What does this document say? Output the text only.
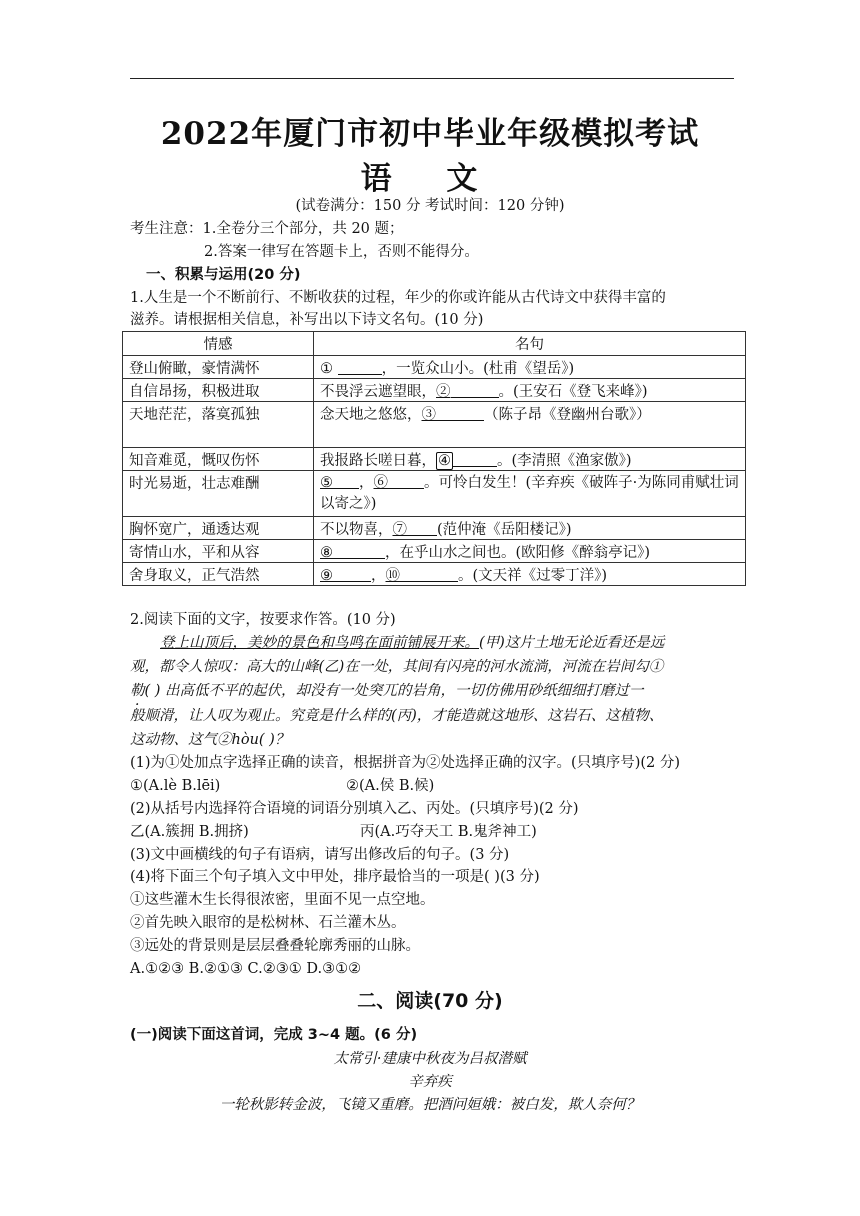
2022年厦门市初中毕业年级模拟考试
语 文
(试卷满分：150 分 考试时间：120 分钟)
考生注意：1.全卷分三个部分，共 20 题；
2.答案一律写在答题卡上，否则不能得分。
一、积累与运用(20 分)
1.人生是一个不断前行、不断收获的过程，年少的你或许能从古代诗文中获得丰富的
滋养。请根据相关信息，补写出以下诗文名句。(10 分)
情感	名句
登山俯瞰，豪情满怀	① ，一览众山小。(杜甫《望岳》)
自信昂扬，积极进取	不畏浮云遮望眼，② 。(王安石《登飞来峰》)
天地茫茫，落寞孤独	念天地之悠悠，③ （陈子昂《登幽州台歌》）
知音难觅，慨叹伤怀	我报路长嗟日暮， ④ 。(李清照《渔家傲》)
时光易逝，壮志难酬	⑤ ，⑥ 。可怜白发生！(辛弃疾《破阵子·为陈同甫赋壮词以寄之》)
胸怀宽广，通透达观	不以物喜，⑦ (范仲淹《岳阳楼记》)
寄情山水，平和从容	⑧ ，在乎山水之间也。(欧阳修《醉翁亭记》)
舍身取义，正气浩然	⑨ ，⑩ 。(文天祥《过零丁洋》)
2.阅读下面的文字，按要求作答。(10 分)
登上山顶后，美妙的景色和鸟鸣在面前铺展开来。(甲)这片土地无论近看还是远
观，都令人惊叹：高大的山峰(乙)在一处，其间有闪亮的河水流淌，河流在岩间勾①
勒( ) 出高低不平的起伏，却没有一处突兀的岩角，一切仿佛用砂纸细细打磨过一
般顺滑，让人叹为观止。究竟是什么样的(丙)，才能造就这地形、这岩石、这植物、
这动物、这气②hòu( )？
(1)为①处加点字选择正确的读音，根据拼音为②处选择正确的汉字。(只填序号)(2 分)
①(A.lè B.lēi)	②(A.侯 B.候)
(2)从括号内选择符合语境的词语分别填入乙、丙处。(只填序号)(2 分)
乙(A.簇拥 B.拥挤)	丙(A.巧夺天工 B.鬼斧神工)
(3)文中画横线的句子有语病，请写出修改后的句子。(3 分)
(4)将下面三个句子填入文中甲处，排序最恰当的一项是( )(3 分)
①这些灌木生长得很浓密，里面不见一点空地。
②首先映入眼帘的是松树林、石兰灌木丛。
③远处的背景则是层层叠叠轮廓秀丽的山脉。
A.①②③ B.②①③ C.②③① D.③①②
二、阅读(70 分)
(一)阅读下面这首词，完成 3~4 题。(6 分)
太常引·建康中秋夜为吕叔潜赋
辛弃疾
一轮秋影转金波，飞镜又重磨。把酒问姮娥：被白发，欺人奈何？
